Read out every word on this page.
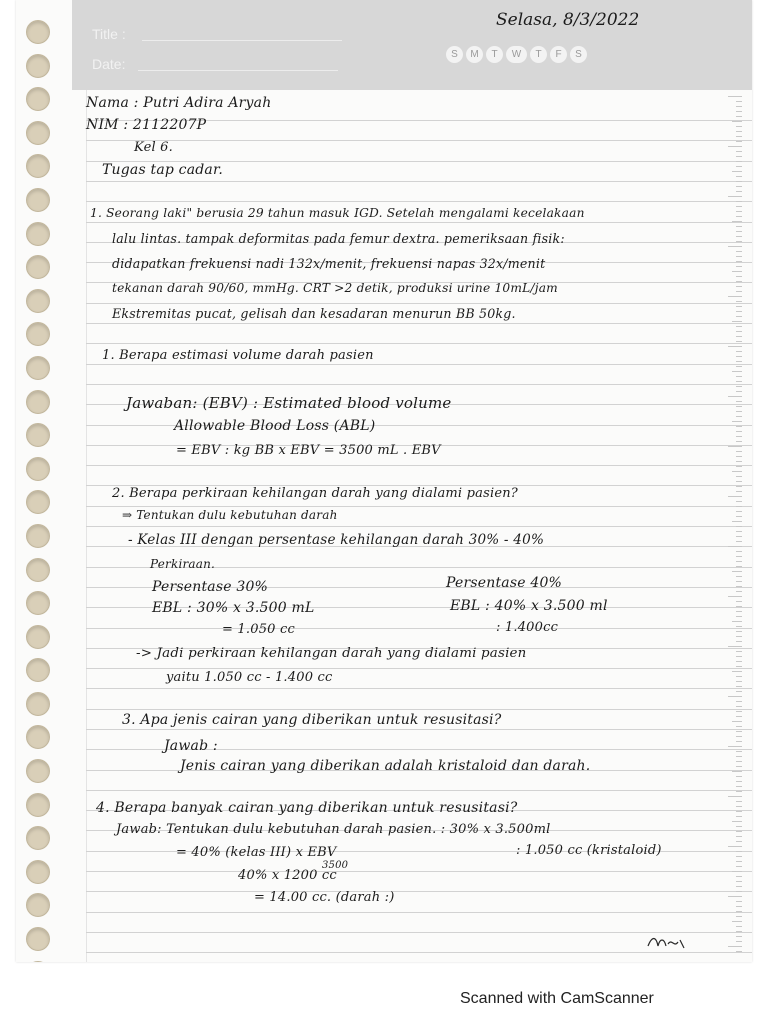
Title :
Date:
S	M	T	W	T	F	S
Selasa, 8/3/2022
Nama : Putri Adira Aryah
NIM : 2112207P
Kel 6.
Tugas tap cadar.
1. Seorang laki" berusia 29 tahun masuk IGD. Setelah mengalami kecelakaan
lalu lintas. tampak deformitas pada femur dextra. pemeriksaan fisik:
didapatkan frekuensi nadi 132x/menit, frekuensi napas 32x/menit
tekanan darah 90/60, mmHg. CRT >2 detik, produksi urine 10mL/jam
Ekstremitas pucat, gelisah dan kesadaran menurun BB 50kg.
1. Berapa estimasi volume darah pasien
Jawaban: (EBV) : Estimated blood volume
Allowable Blood Loss (ABL)
= EBV : kg BB x EBV = 3500 mL . EBV
2. Berapa perkiraan kehilangan darah yang dialami pasien?
⇒ Tentukan dulu kebutuhan darah
- Kelas III dengan persentase kehilangan darah 30% - 40%
Perkiraan.
Persentase 30%	Persentase 40%
EBL : 30% x 3.500 mL	EBL : 40% x 3.500 ml
= 1.050 cc	: 1.400cc
-> Jadi perkiraan kehilangan darah yang dialami pasien
yaitu 1.050 cc - 1.400 cc
3. Apa jenis cairan yang diberikan untuk resusitasi?
Jawab :
Jenis cairan yang diberikan adalah kristaloid dan darah.
4. Berapa banyak cairan yang diberikan untuk resusitasi?
Jawab: Tentukan dulu kebutuhan darah pasien. : 30% x 3.500ml
= 40% (kelas III) x EBV	: 1.050 cc (kristaloid)
3500
40% x 1200 cc
= 14.00 cc. (darah :)
Scanned with CamScanner
